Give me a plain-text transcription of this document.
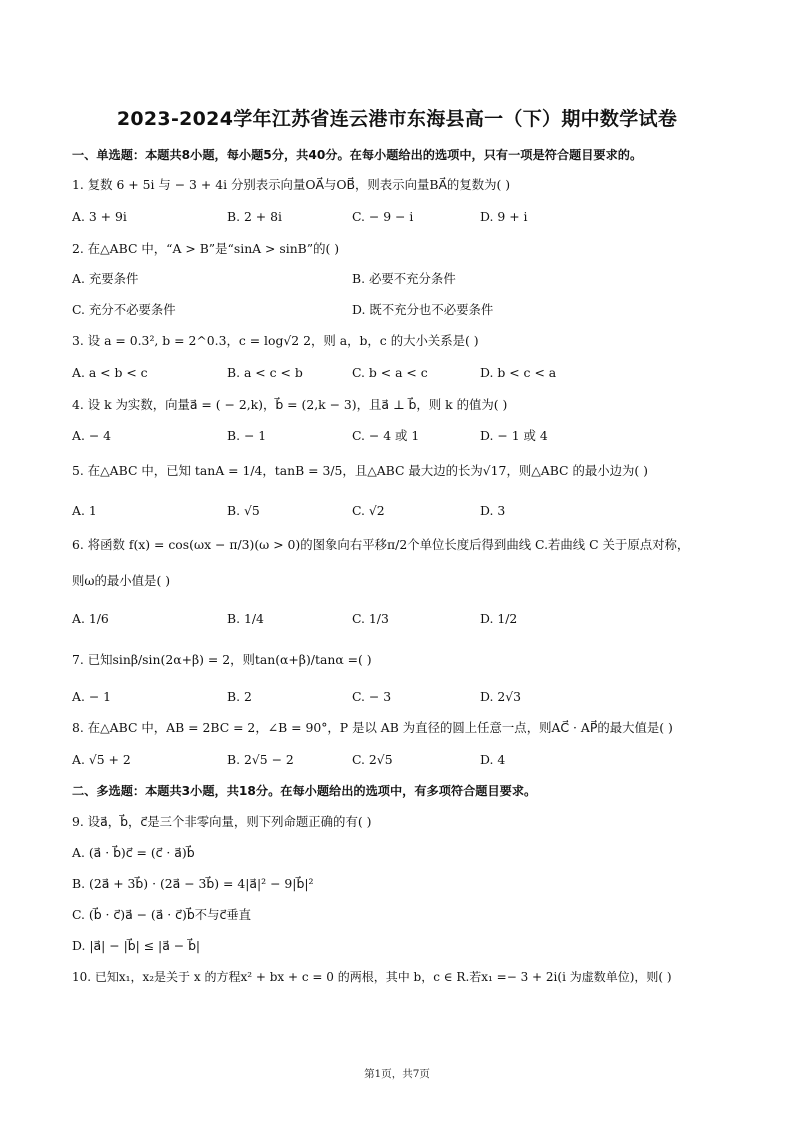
2023-2024学年江苏省连云港市东海县高一（下）期中数学试卷
一、单选题：本题共8小题，每小题5分，共40分。在每小题给出的选项中，只有一项是符合题目要求的。
1. 复数 6 + 5i 与 − 3 + 4i 分别表示向量OA⃗与OB⃗，则表示向量BA⃗的复数为( )
A. 3 + 9i	B. 2 + 8i	C. − 9 − i	D. 9 + i
2. 在△ABC 中，“A > B”是“sinA > sinB”的( )
A. 充要条件	B. 必要不充分条件
C. 充分不必要条件	D. 既不充分也不必要条件
3. 设 a = 0.3², b = 2^0.3，c = log√2 2，则 a，b，c 的大小关系是( )
A. a < b < c	B. a < c < b	C. b < a < c	D. b < c < a
4. 设 k 为实数，向量a⃗ = ( − 2,k)，b⃗ = (2,k − 3)，且a⃗ ⊥ b⃗，则 k 的值为( )
A. − 4	B. − 1	C. − 4 或 1	D. − 1 或 4
5. 在△ABC 中，已知 tanA = 1/4，tanB = 3/5，且△ABC 最大边的长为√17，则△ABC 的最小边为( )
A. 1	B. √5	C. √2	D. 3
6. 将函数 f(x) = cos(ωx − π/3)(ω > 0)的图象向右平移π/2个单位长度后得到曲线 C.若曲线 C 关于原点对称，
则ω的最小值是( )
A. 1/6	B. 1/4	C. 1/3	D. 1/2
7. 已知sinβ/sin(2α+β) = 2，则tan(α+β)/tanα =( )
A. − 1	B. 2	C. − 3	D. 2√3
8. 在△ABC 中，AB = 2BC = 2，∠B = 90°，P 是以 AB 为直径的圆上任意一点，则AC⃗ · AP⃗的最大值是( )
A. √5 + 2	B. 2√5 − 2	C. 2√5	D. 4
二、多选题：本题共3小题，共18分。在每小题给出的选项中，有多项符合题目要求。
9. 设a⃗，b⃗，c⃗是三个非零向量，则下列命题正确的有( )
A. (a⃗ · b⃗)c⃗ = (c⃗ · a⃗)b⃗
B. (2a⃗ + 3b⃗) · (2a⃗ − 3b⃗) = 4|a⃗|² − 9|b⃗|²
C. (b⃗ · c⃗)a⃗ − (a⃗ · c⃗)b⃗不与c⃗垂直
D. |a⃗| − |b⃗| ≤ |a⃗ − b⃗|
10. 已知x₁，x₂是关于 x 的方程x² + bx + c = 0 的两根，其中 b，c ∈ R.若x₁ =− 3 + 2i(i 为虚数单位)，则( )
第1页，共7页
